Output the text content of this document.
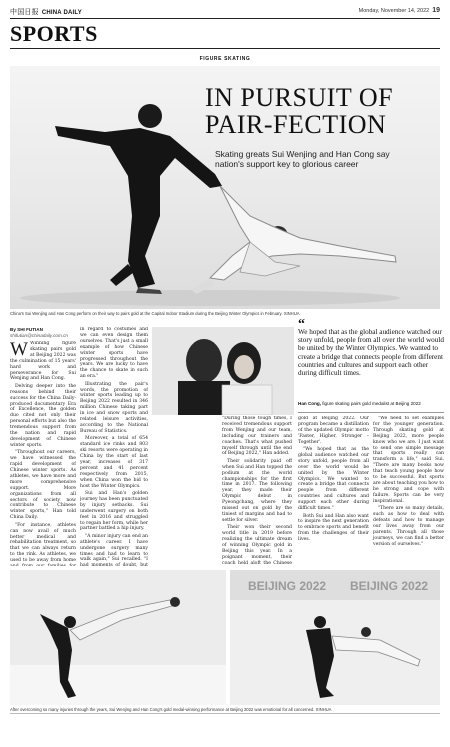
中国日报 CHINA DAILY	Monday, November 14, 2022 19
SPORTS
FIGURE SKATING
IN PURSUIT OF
PAIR-FECTION
Skating greats Sui Wenjing and Han Cong say nation's support key to glorious career
China's Sui Wenjing and Han Cong perform on their way to pairs gold at the Capital Indoor Stadium during the Beijing Winter Olympics in February. XINHUA
By SHI FUTIAN
shifutian@chinadaily.com.cn

W Winning figure skating pairs gold at Beijing 2022 was the culmination of 15 years' hard work and perseverance for Sui Wenjing and Han Cong.

Delving deeper into the reasons behind their success for the China Daily-produced documentary Era of Excellence, the golden duo cited not only their personal efforts but also the tremendous support from the nation and rapid development of Chinese winter sports.

"Throughout our careers, we have witnessed the rapid development of Chinese winter sports. As athletes, we have more and more comprehensive support. More organizations from all sectors of society now contribute to Chinese winter sports," Han told China Daily.

"For instance, athletes can now avail of much better medical and rehabilitation treatment, so that we can always return to the rink. As athletes, we used to be away from home

in regard to costumes and we can even design them ourselves. That's just a small example of how Chinese winter sports have progressed throughout the years. We are lucky to have the chance to skate in such an era."

Illustrating the pair's words, the promotion of winter sports leading up to Beijing 2022 resulted in 346 million Chinese taking part in ice and snow sports and related leisure activities, according to the National Bureau of Statistics.

Moreover, a total of 654 standard ice rinks and 803 ski resorts were operating in China by the start of last year, increases of 317 percent and 41 percent respectively from 2015, when China won the bid to host the Winter Olympics.

Sui and Han's golden journey has been punctuated by injury setbacks. Sui underwent surgery on both feet in 2016 and struggled to regain her form, while her partner battled a hip injury.

"A minor injury can end an athlete's career. I have undergone surgery many times and had to learn to walk again," Sui recalled. "I had moments of doubt, but

“
We hoped that as the global audience watched our story unfold, people from all over the world would be united by the Winter Olympics. We wanted to create a bridge that connects people from different countries and cultures and support each other during difficult times.
Han Cong, figure skating pairs gold medalist at Beijing 2022

"During those tough times, I received tremendous support from Wenjing and our team, including our trainers and coaches. That's what pushed myself through until the end of Beijing 2022," Han added.

Their solidarity paid off when Sui and Han topped the podium at the world championships for the first time in 2017. The following year, they made their Olympic debut in Pyeongchang, where they missed out on gold by the tiniest of margins and had to settle for silver.

Their won their second world title in 2019 before realizing the ultimate dream of winning Olympic gold in Beijing this year. In a poignant moment, their coach held aloft the Chinese

gold at Beijing 2022. Our program became a distillation of the updated Olympic motto 'Faster, Higher, Stronger – Together'.

"We hoped that as the global audience watched our story unfold, people from all over the world would be united by the Winter Olympics. We wanted to create a bridge that connects people from different countries and cultures and support each other during difficult times."

Both Sui and Han also want to inspire the next generation to embrace sports and benefit from the challenges of their lives.

"We need to set examples for the younger generation. Through skating gold at Beijing 2022, more people know who we are. I just want to send one simple message that sports really can transform a life," said Sui. "There are many books now that teach young people how to be successful. But sports are about teaching you how to be strong and cope with failure. Sports can be very inspirational.

"There are so many details, such as how to deal with defeats and how to manage our lives away from our parents. Through all those journeys, we can find a better version of ourselves."

BEIJING 2022 BEIJING 2022
After overcoming so many injuries through the years, Sui Wenjing and Han Cong's gold medal-winning performance at Beijing 2022 was emotional for all concerned. XINHUA
